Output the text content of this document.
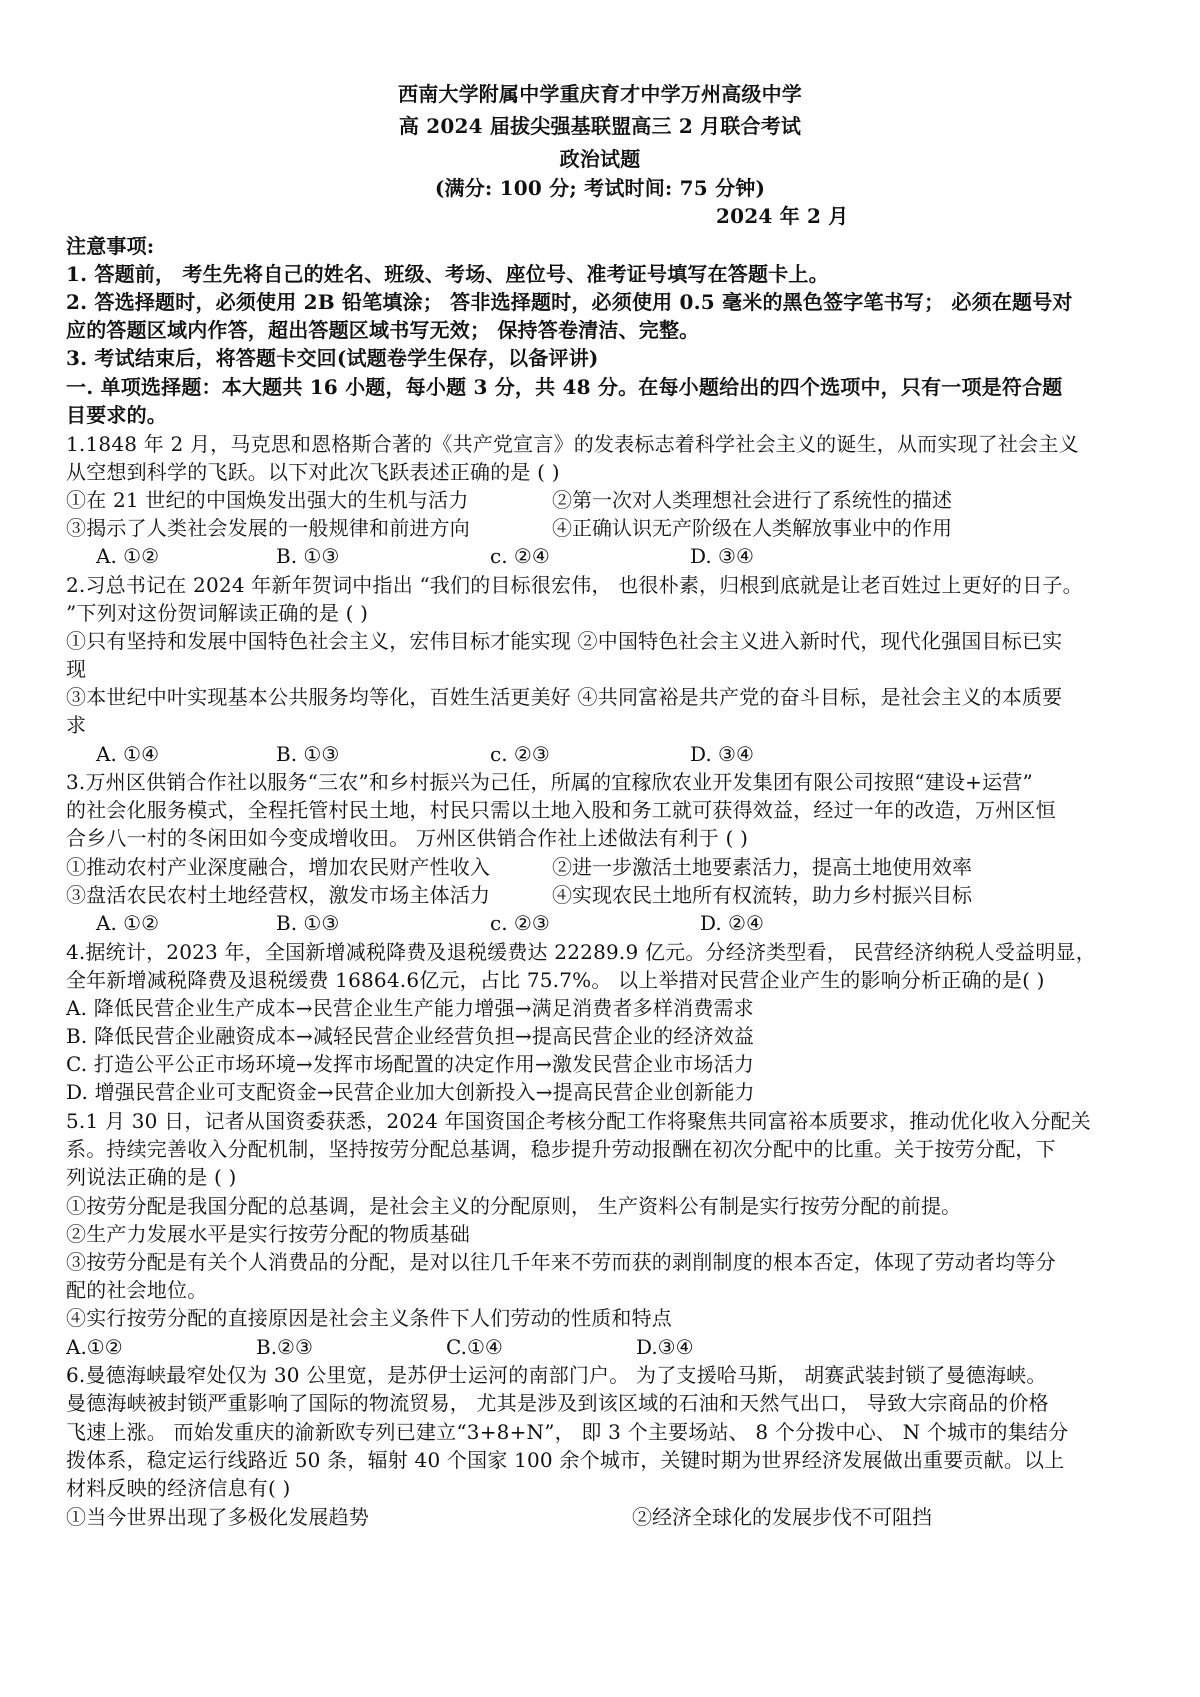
西南大学附属中学重庆育才中学万州高级中学
高 2024 届拔尖强基联盟高三 2 月联合考试
政治试题
(满分: 100 分; 考试时间: 75 分钟)
2024 年 2 月
注意事项:
1. 答题前， 考生先将自己的姓名、班级、考场、座位号、准考证号填写在答题卡上。
2. 答选择题时，必须使用 2B 铅笔填涂； 答非选择题时，必须使用 0.5 毫米的黑色签字笔书写； 必须在题号对
应的答题区域内作答，超出答题区域书写无效； 保持答卷清洁、完整。
3. 考试结束后，将答题卡交回(试题卷学生保存，以备评讲)
一. 单项选择题：本大题共 16 小题，每小题 3 分，共 48 分。在每小题给出的四个选项中，只有一项是符合题
目要求的。
1.1848 年 2 月，马克思和恩格斯合著的《共产党宣言》的发表标志着科学社会主义的诞生，从而实现了社会主义
从空想到科学的飞跃。以下对此次飞跃表述正确的是 ( )
①在 21 世纪的中国焕发出强大的生机与活力	②第一次对人类理想社会进行了系统性的描述
③揭示了人类社会发展的一般规律和前进方向	④正确认识无产阶级在人类解放事业中的作用
A. ①②	B. ①③	c. ②④	D. ③④
2.习总书记在 2024 年新年贺词中指出 “我们的目标很宏伟， 也很朴素，归根到底就是让老百姓过上更好的日子。
”下列对这份贺词解读正确的是 ( )
①只有坚持和发展中国特色社会主义，宏伟目标才能实现 ②中国特色社会主义进入新时代，现代化强国目标已实
现
③本世纪中叶实现基本公共服务均等化，百姓生活更美好 ④共同富裕是共产党的奋斗目标，是社会主义的本质要
求
A. ①④	B. ①③	c. ②③	D. ③④
3.万州区供销合作社以服务“三农”和乡村振兴为己任，所属的宜稼欣农业开发集团有限公司按照“建设+运营”
的社会化服务模式，全程托管村民土地，村民只需以土地入股和务工就可获得效益，经过一年的改造，万州区恒
合乡八一村的冬闲田如今变成增收田。 万州区供销合作社上述做法有利于 ( )
①推动农村产业深度融合，增加农民财产性收入	②进一步激活土地要素活力，提高土地使用效率
③盘活农民农村土地经营权，激发市场主体活力	④实现农民土地所有权流转，助力乡村振兴目标
A. ①②	B. ①③	c. ②③	D. ②④
4.据统计，2023 年，全国新增减税降费及退税缓费达 22289.9 亿元。分经济类型看， 民营经济纳税人受益明显，
全年新增减税降费及退税缓费 16864.6亿元，占比 75.7%。 以上举措对民营企业产生的影响分析正确的是( )
A. 降低民营企业生产成本→民营企业生产能力增强→满足消费者多样消费需求
B. 降低民营企业融资成本→减轻民营企业经营负担→提高民营企业的经济效益
C. 打造公平公正市场环境→发挥市场配置的决定作用→激发民营企业市场活力
D. 增强民营企业可支配资金→民营企业加大创新投入→提高民营企业创新能力
5.1 月 30 日，记者从国资委获悉，2024 年国资国企考核分配工作将聚焦共同富裕本质要求，推动优化收入分配关
系。持续完善收入分配机制，坚持按劳分配总基调，稳步提升劳动报酬在初次分配中的比重。关于按劳分配，下
列说法正确的是 ( )
①按劳分配是我国分配的总基调，是社会主义的分配原则， 生产资料公有制是实行按劳分配的前提。
②生产力发展水平是实行按劳分配的物质基础
③按劳分配是有关个人消费品的分配，是对以往几千年来不劳而获的剥削制度的根本否定，体现了劳动者均等分
配的社会地位。
④实行按劳分配的直接原因是社会主义条件下人们劳动的性质和特点
A.①②	B.②③	C.①④	D.③④
6.曼德海峡最窄处仅为 30 公里宽，是苏伊士运河的南部门户。 为了支援哈马斯， 胡赛武装封锁了曼德海峡。
曼德海峡被封锁严重影响了国际的物流贸易， 尤其是涉及到该区域的石油和天然气出口， 导致大宗商品的价格
飞速上涨。 而始发重庆的渝新欧专列已建立“3+8+N”， 即 3 个主要场站、 8 个分拨中心、 N 个城市的集结分
拨体系，稳定运行线路近 50 条，辐射 40 个国家 100 余个城市，关键时期为世界经济发展做出重要贡献。以上
材料反映的经济信息有( )
①当今世界出现了多极化发展趋势	②经济全球化的发展步伐不可阻挡
